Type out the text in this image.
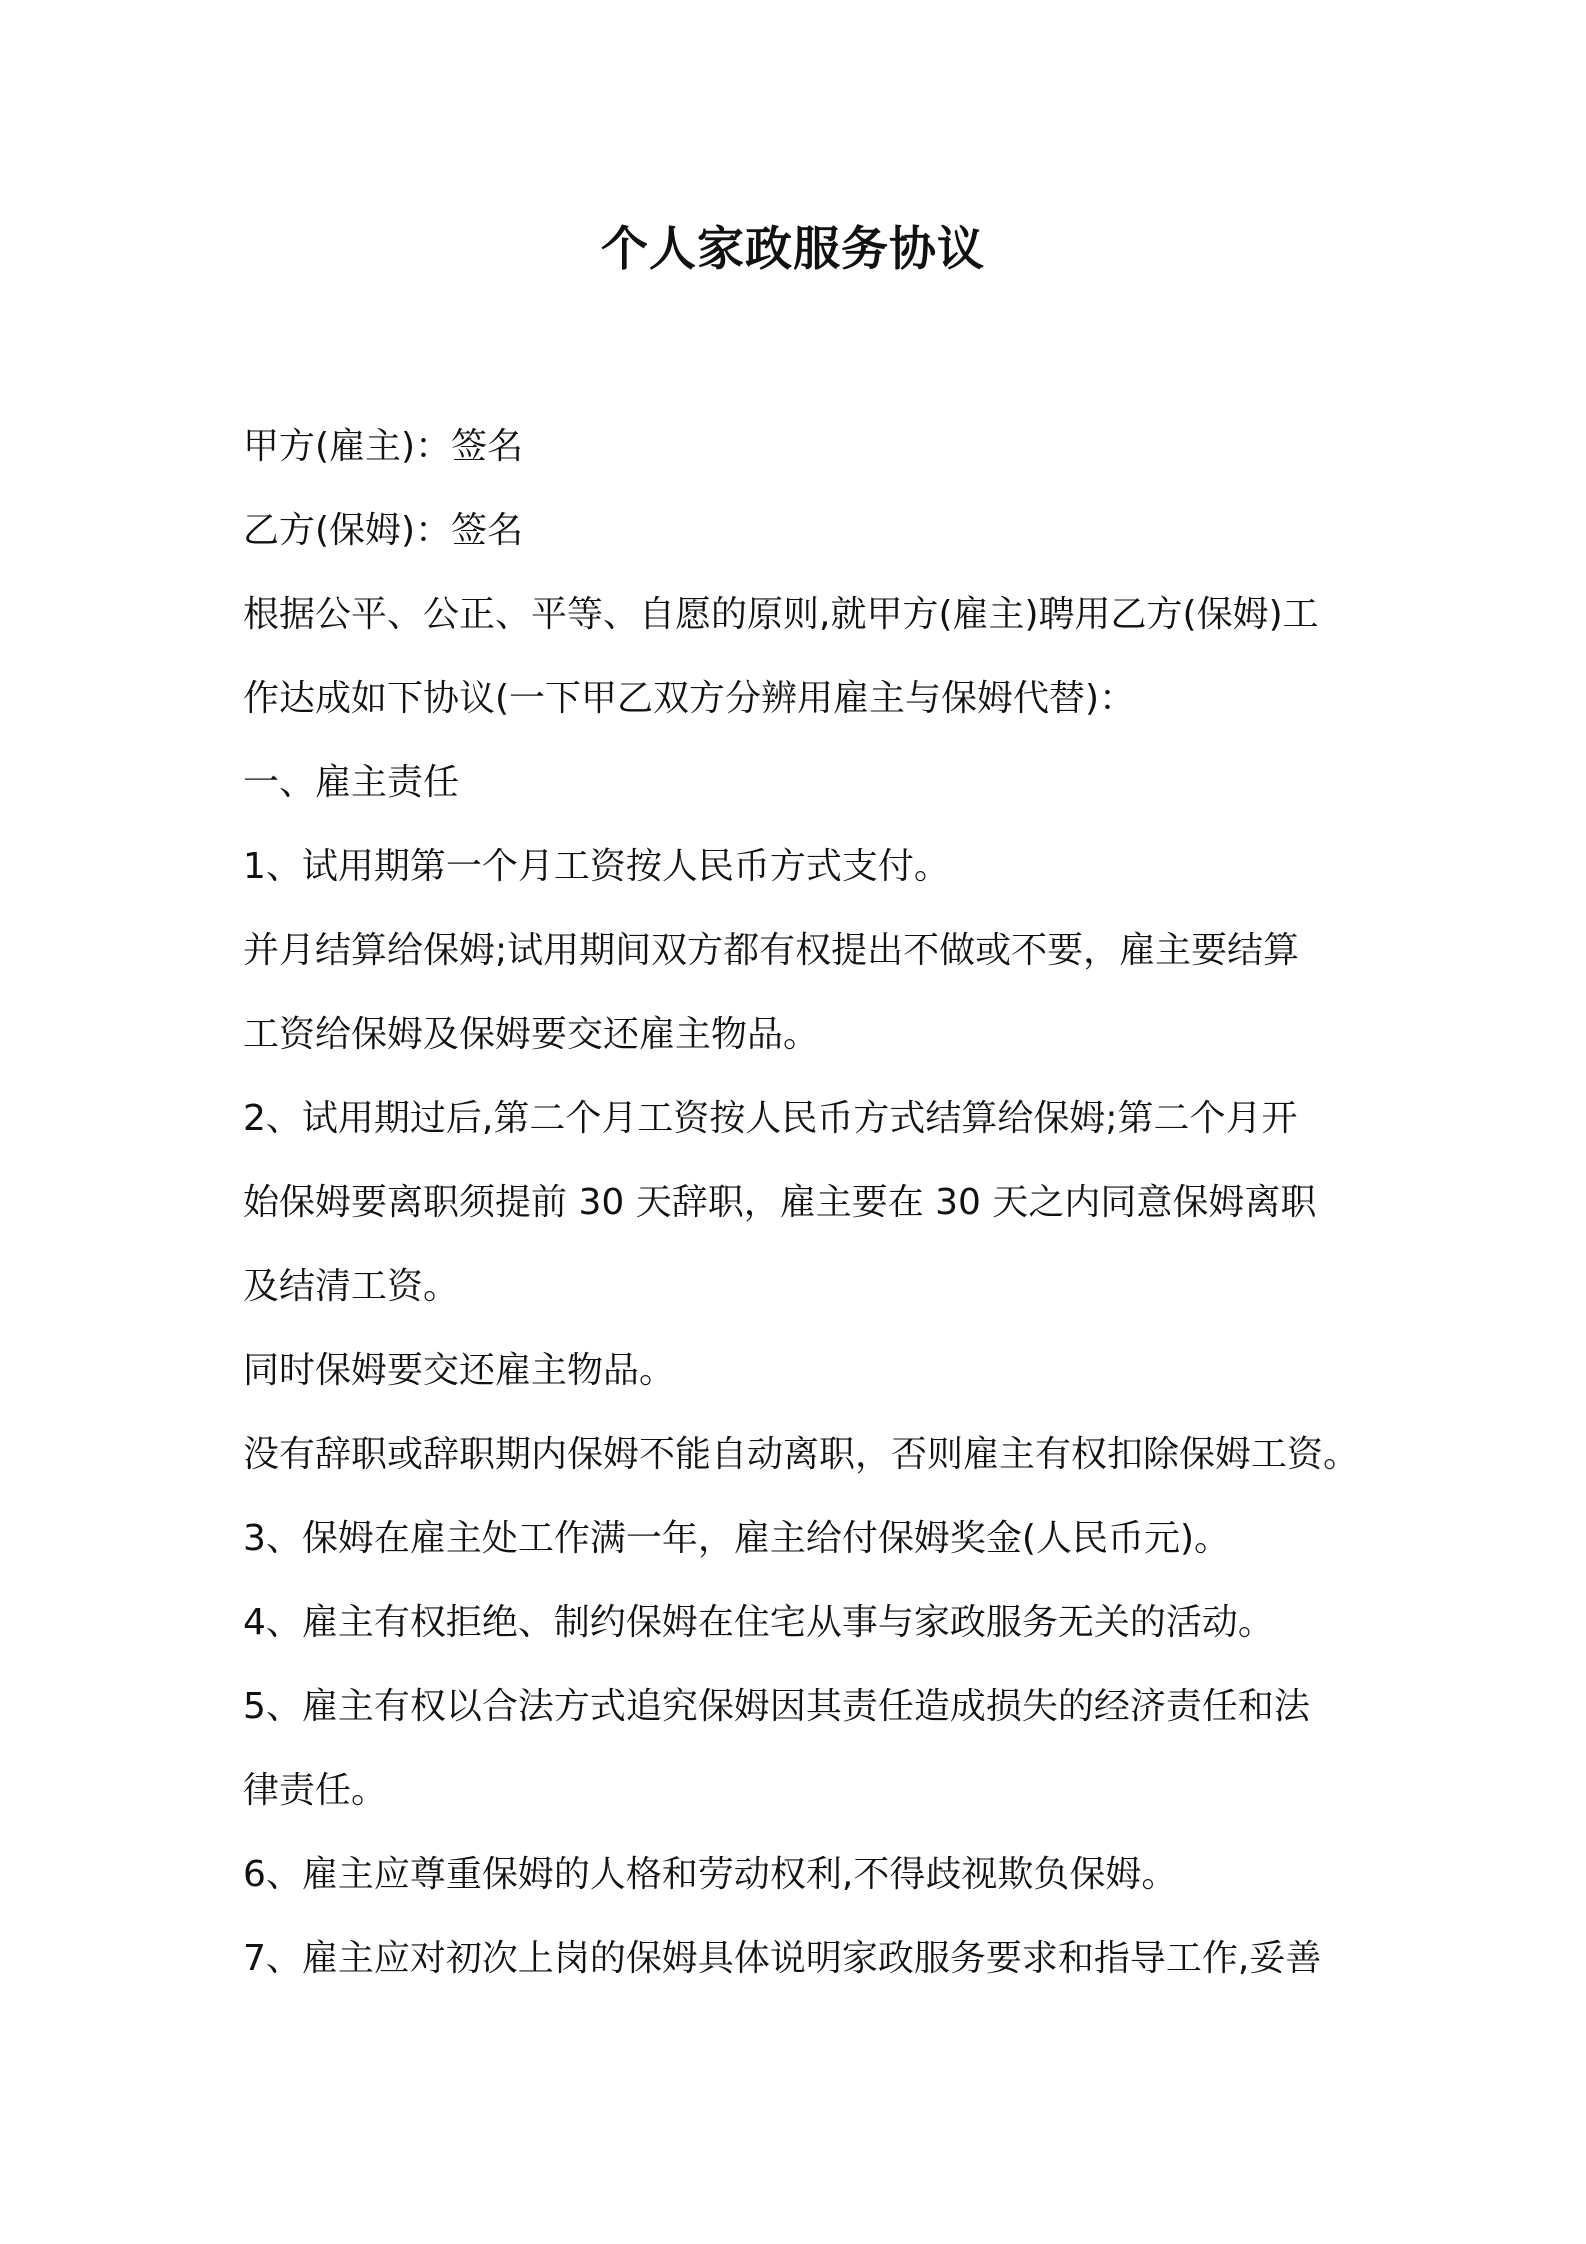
个人家政服务协议

甲方(雇主)：签名

乙方(保姆)：签名

根据公平、公正、平等、自愿的原则,就甲方(雇主)聘用乙方(保姆)工

作达成如下协议(一下甲乙双方分辨用雇主与保姆代替)：

一、雇主责任

1、试用期第一个月工资按人民币方式支付。

并月结算给保姆;试用期间双方都有权提出不做或不要，雇主要结算

工资给保姆及保姆要交还雇主物品。

2、试用期过后,第二个月工资按人民币方式结算给保姆;第二个月开

始保姆要离职须提前 30 天辞职，雇主要在 30 天之内同意保姆离职

及结清工资。

同时保姆要交还雇主物品。

没有辞职或辞职期内保姆不能自动离职，否则雇主有权扣除保姆工资。

3、保姆在雇主处工作满一年，雇主给付保姆奖金(人民币元)。

4、雇主有权拒绝、制约保姆在住宅从事与家政服务无关的活动。

5、雇主有权以合法方式追究保姆因其责任造成损失的经济责任和法

律责任。

6、雇主应尊重保姆的人格和劳动权利,不得歧视欺负保姆。

7、雇主应对初次上岗的保姆具体说明家政服务要求和指导工作,妥善
